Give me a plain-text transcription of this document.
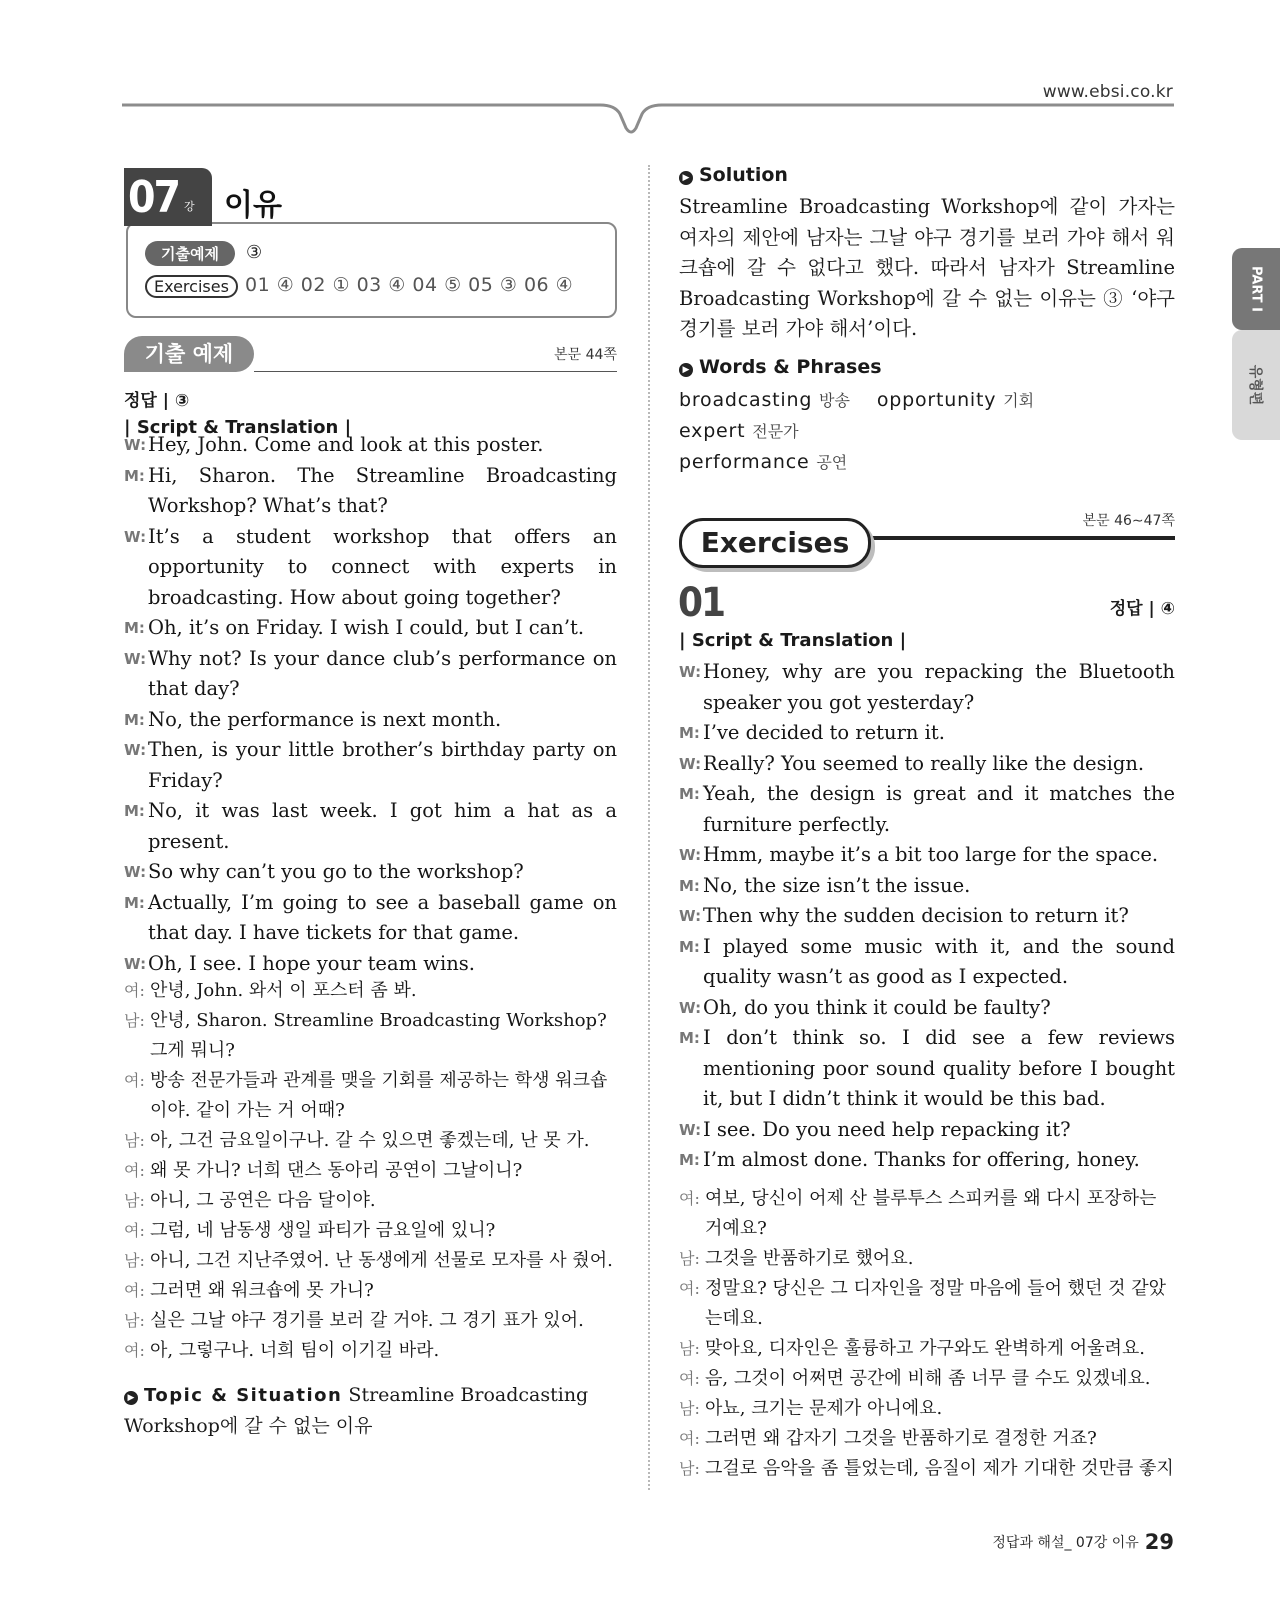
www.ebsi.co.kr
기출예제	③
Exercises 01 ④ 02 ① 03 ④ 04 ⑤ 05 ③ 06 ④
07 강 이유
기출 예제	본문 44쪽
정답 | ③
| Script & Translation |
W: Hey, John. Come and look at this poster.
M: Hi, Sharon. The Streamline Broadcasting Workshop? What’s that?
W: It’s a student workshop that offers an opportunity to connect with experts in broadcasting. How about going together?
M: Oh, it’s on Friday. I wish I could, but I can’t.
W: Why not? Is your dance club’s performance on that day?
M: No, the performance is next month.
W: Then, is your little brother’s birthday party on Friday?
M: No, it was last week. I got him a hat as a present.
W: So why can’t you go to the workshop?
M: Actually, I’m going to see a baseball game on that day. I have tickets for that game.
W: Oh, I see. I hope your team wins.
여: 안녕, John. 와서 이 포스터 좀 봐.
남: 안녕, Sharon. Streamline Broadcasting Workshop? 그게 뭐니?
여: 방송 전문가들과 관계를 맺을 기회를 제공하는 학생 워크숍이야. 같이 가는 거 어때?
남: 아, 그건 금요일이구나. 갈 수 있으면 좋겠는데, 난 못 가.
여: 왜 못 가니? 너희 댄스 동아리 공연이 그날이니?
남: 아니, 그 공연은 다음 달이야.
여: 그럼, 네 남동생 생일 파티가 금요일에 있니?
남: 아니, 그건 지난주였어. 난 동생에게 선물로 모자를 사 줬어.
여: 그러면 왜 워크숍에 못 가니?
남: 실은 그날 야구 경기를 보러 갈 거야. 그 경기 표가 있어.
여: 아, 그렇구나. 너희 팀이 이기길 바라.
▶ Topic & Situation Streamline Broadcasting Workshop에 갈 수 없는 이유
▶ Solution
Streamline Broadcasting Workshop에 같이 가자는 여자의 제안에 남자는 그날 야구 경기를 보러 가야 해서 워크숍에 갈 수 없다고 했다. 따라서 남자가 Streamline Broadcasting Workshop에 갈 수 없는 이유는 ③ ‘야구 경기를 보러 가야 해서’이다.
▶ Words & Phrases
broadcasting 방송 opportunity 기회 expert 전문가
performance 공연
Exercises
본문 46∼47쪽
01	정답 | ④
| Script & Translation |
W: Honey, why are you repacking the Bluetooth speaker you got yesterday?
M: I’ve decided to return it.
W: Really? You seemed to really like the design.
M: Yeah, the design is great and it matches the furniture perfectly.
W: Hmm, maybe it’s a bit too large for the space.
M: No, the size isn’t the issue.
W: Then why the sudden decision to return it?
M: I played some music with it, and the sound quality wasn’t as good as I expected.
W: Oh, do you think it could be faulty?
M: I don’t think so. I did see a few reviews mentioning poor sound quality before I bought it, but I didn’t think it would be this bad.
W: I see. Do you need help repacking it?
M: I’m almost done. Thanks for offering, honey.
여: 여보, 당신이 어제 산 블루투스 스피커를 왜 다시 포장하는 거예요?
남: 그것을 반품하기로 했어요.
여: 정말요? 당신은 그 디자인을 정말 마음에 들어 했던 것 같았는데요.
남: 맞아요, 디자인은 훌륭하고 가구와도 완벽하게 어울려요.
여: 음, 그것이 어쩌면 공간에 비해 좀 너무 클 수도 있겠네요.
남: 아뇨, 크기는 문제가 아니에요.
여: 그러면 왜 갑자기 그것을 반품하기로 결정한 거죠?
남: 그걸로 음악을 좀 틀었는데, 음질이 제가 기대한 것만큼 좋지
PART I
유형편
정답과 해설_ 07강 이유 29
